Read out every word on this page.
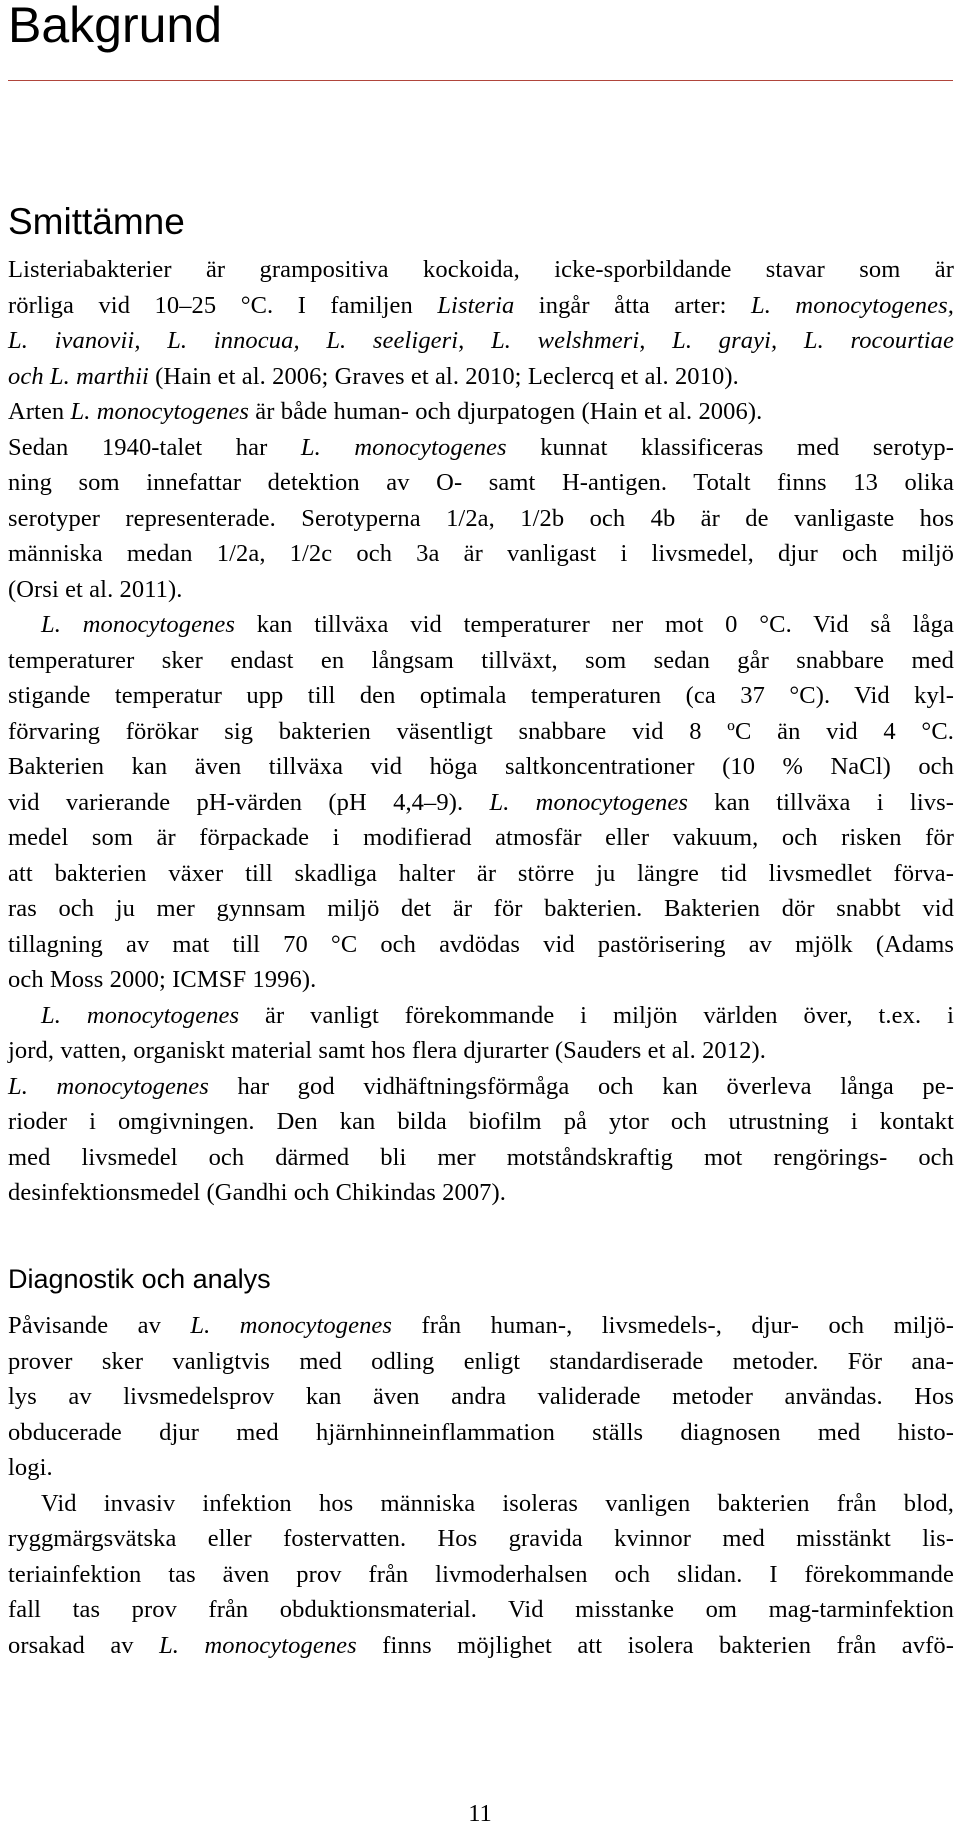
Bakgrund
Smittämne
Listeriabakterier är grampositiva kockoida, icke-sporbildande stavar som är
rörliga vid 10–25 °C. I familjen Listeria ingår åtta arter: L. monocytogenes,
L. ivanovii, L. innocua, L. seeligeri, L. welshmeri, L. grayi, L. rocourtiae
och L. marthii (Hain et al. 2006; Graves et al. 2010; Leclercq et al. 2010).
Arten L. monocytogenes är både human- och djurpatogen (Hain et al. 2006).
Sedan 1940-talet har L. monocytogenes kunnat klassificeras med serotyp-
ning som innefattar detektion av O- samt H-antigen. Totalt finns 13 olika
serotyper representerade. Serotyperna 1/2a, 1/2b och 4b är de vanligaste hos
människa medan 1/2a, 1/2c och 3a är vanligast i livsmedel, djur och miljö
(Orsi et al. 2011).
L. monocytogenes kan tillväxa vid temperaturer ner mot 0 °C. Vid så låga
temperaturer sker endast en långsam tillväxt, som sedan går snabbare med
stigande temperatur upp till den optimala temperaturen (ca 37 °C). Vid kyl-
förvaring förökar sig bakterien väsentligt snabbare vid 8 ºC än vid 4 °C.
Bakterien kan även tillväxa vid höga saltkoncentrationer (10 % NaCl) och
vid varierande pH-värden (pH 4,4–9). L. monocytogenes kan tillväxa i livs-
medel som är förpackade i modifierad atmosfär eller vakuum, och risken för
att bakterien växer till skadliga halter är större ju längre tid livsmedlet förva-
ras och ju mer gynnsam miljö det är för bakterien. Bakterien dör snabbt vid
tillagning av mat till 70 °C och avdödas vid pastörisering av mjölk (Adams
och Moss 2000; ICMSF 1996).
L. monocytogenes är vanligt förekommande i miljön världen över, t.ex. i
jord, vatten, organiskt material samt hos flera djurarter (Sauders et al. 2012).
L. monocytogenes har god vidhäftningsförmåga och kan överleva långa pe-
rioder i omgivningen. Den kan bilda biofilm på ytor och utrustning i kontakt
med livsmedel och därmed bli mer motståndskraftig mot rengörings- och
desinfektionsmedel (Gandhi och Chikindas 2007).
Diagnostik och analys
Påvisande av L. monocytogenes från human-, livsmedels-, djur- och miljö-
prover sker vanligtvis med odling enligt standardiserade metoder. För ana-
lys av livsmedelsprov kan även andra validerade metoder användas. Hos
obducerade djur med hjärnhinneinflammation ställs diagnosen med histo-
logi.
Vid invasiv infektion hos människa isoleras vanligen bakterien från blod,
ryggmärgsvätska eller fostervatten. Hos gravida kvinnor med misstänkt lis-
teriainfektion tas även prov från livmoderhalsen och slidan. I förekommande
fall tas prov från obduktionsmaterial. Vid misstanke om mag-tarminfektion
orsakad av L. monocytogenes finns möjlighet att isolera bakterien från avfö-
11
